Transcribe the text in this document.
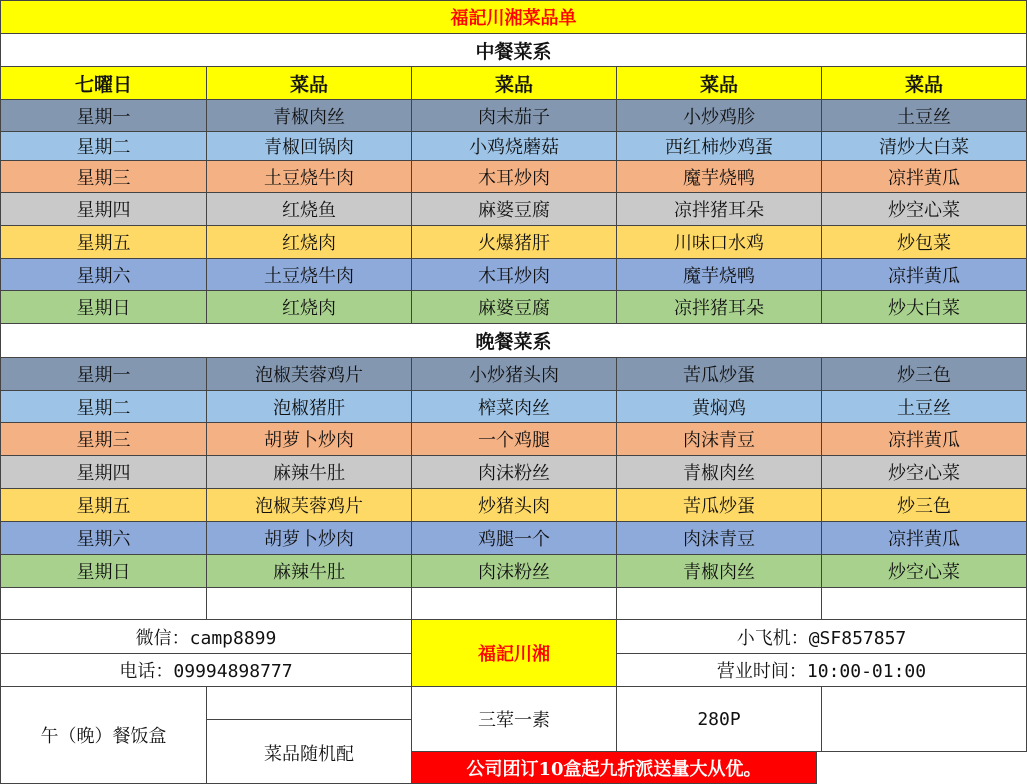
福記川湘菜品单
中餐菜系
七曜日	菜品	菜品	菜品	菜品
星期一	青椒肉丝	肉末茄子	小炒鸡胗	土豆丝
星期二	青椒回锅肉	小鸡烧蘑菇	西红柿炒鸡蛋	清炒大白菜
星期三	土豆烧牛肉	木耳炒肉	魔芋烧鸭	凉拌黄瓜
星期四	红烧鱼	麻婆豆腐	凉拌猪耳朵	炒空心菜
星期五	红烧肉	火爆猪肝	川味口水鸡	炒包菜
星期六	土豆烧牛肉	木耳炒肉	魔芋烧鸭	凉拌黄瓜
星期日	红烧肉	麻婆豆腐	凉拌猪耳朵	炒大白菜
晚餐菜系
星期一	泡椒芙蓉鸡片	小炒猪头肉	苦瓜炒蛋	炒三色
星期二	泡椒猪肝	榨菜肉丝	黄焖鸡	土豆丝
星期三	胡萝卜炒肉	一个鸡腿	肉沫青豆	凉拌黄瓜
星期四	麻辣牛肚	肉沫粉丝	青椒肉丝	炒空心菜
星期五	泡椒芙蓉鸡片	炒猪头肉	苦瓜炒蛋	炒三色
星期六	胡萝卜炒肉	鸡腿一个	肉沫青豆	凉拌黄瓜
星期日	麻辣牛肚	肉沫粉丝	青椒肉丝	炒空心菜
微信：camp8899
电话：09994898777
福記川湘
小飞机：@SF857857
营业时间：10:00-01:00
午（晚）餐饭盒
菜品随机配
三荤一素	280P
公司团订10盒起九折派送量大从优。
